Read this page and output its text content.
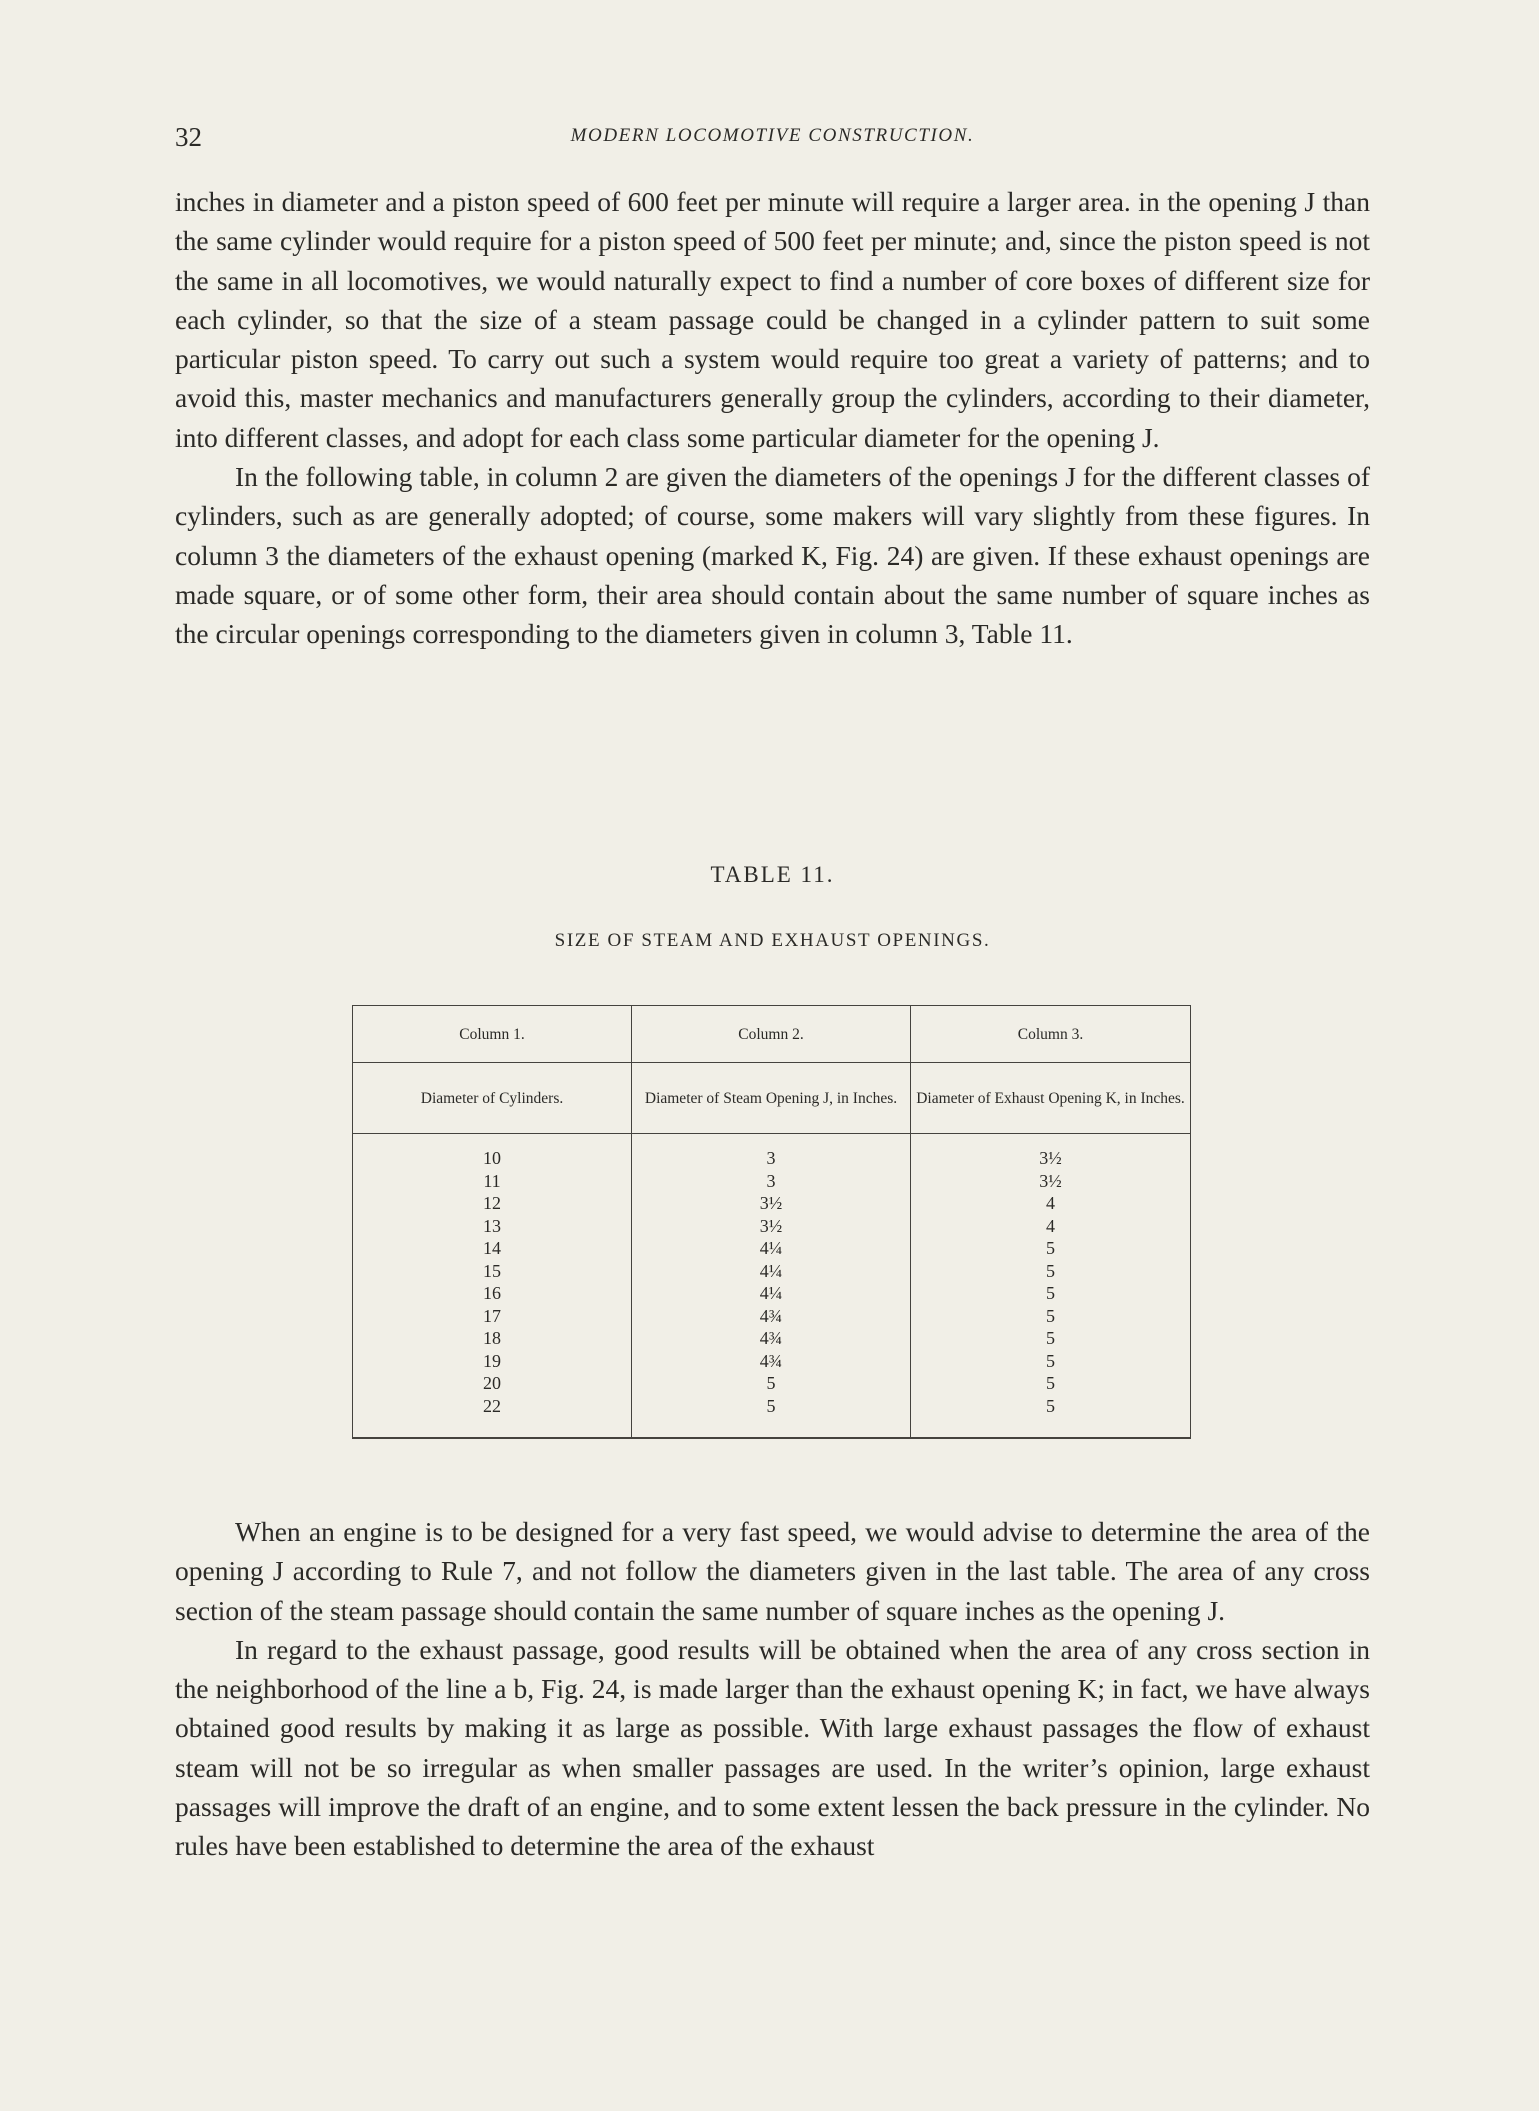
32	MODERN LOCOMOTIVE CONSTRUCTION.

inches in diameter and a piston speed of 600 feet per minute will require a larger area. in the opening J than the same cylinder would require for a piston speed of 500 feet per minute; and, since the piston speed is not the same in all locomotives, we would naturally expect to find a number of core boxes of different size for each cylinder, so that the size of a steam passage could be changed in a cylinder pattern to suit some particular piston speed. To carry out such a system would require too great a variety of patterns; and to avoid this, master mechanics and manufacturers generally group the cylinders, according to their diameter, into different classes, and adopt for each class some particular diameter for the opening J.

In the following table, in column 2 are given the diameters of the openings J for the different classes of cylinders, such as are generally adopted; of course, some makers will vary slightly from these figures. In column 3 the diameters of the exhaust opening (marked K, Fig. 24) are given. If these exhaust openings are made square, or of some other form, their area should contain about the same number of square inches as the circular openings corresponding to the diameters given in column 3, Table 11.

TABLE 11.
SIZE OF STEAM AND EXHAUST OPENINGS.
Column 1.	Column 2.	Column 3.
Diameter of Cylinders.	Diameter of Steam Opening J, in Inches.	Diameter of Exhaust Opening K, in Inches.
10	3	3½
11	3	3½
12	3½	4
13	3½	4
14	4¼	5
15	4¼	5
16	4¼	5
17	4¾	5
18	4¾	5
19	4¾	5
20	5	5
22	5	5

When an engine is to be designed for a very fast speed, we would advise to determine the area of the opening J according to Rule 7, and not follow the diameters given in the last table. The area of any cross section of the steam passage should contain the same number of square inches as the opening J.

In regard to the exhaust passage, good results will be obtained when the area of any cross section in the neighborhood of the line a b, Fig. 24, is made larger than the exhaust opening K; in fact, we have always obtained good results by making it as large as possible. With large exhaust passages the flow of exhaust steam will not be so irregular as when smaller passages are used. In the writer’s opinion, large exhaust passages will improve the draft of an engine, and to some extent lessen the back pressure in the cylinder. No rules have been established to determine the area of the exhaust
